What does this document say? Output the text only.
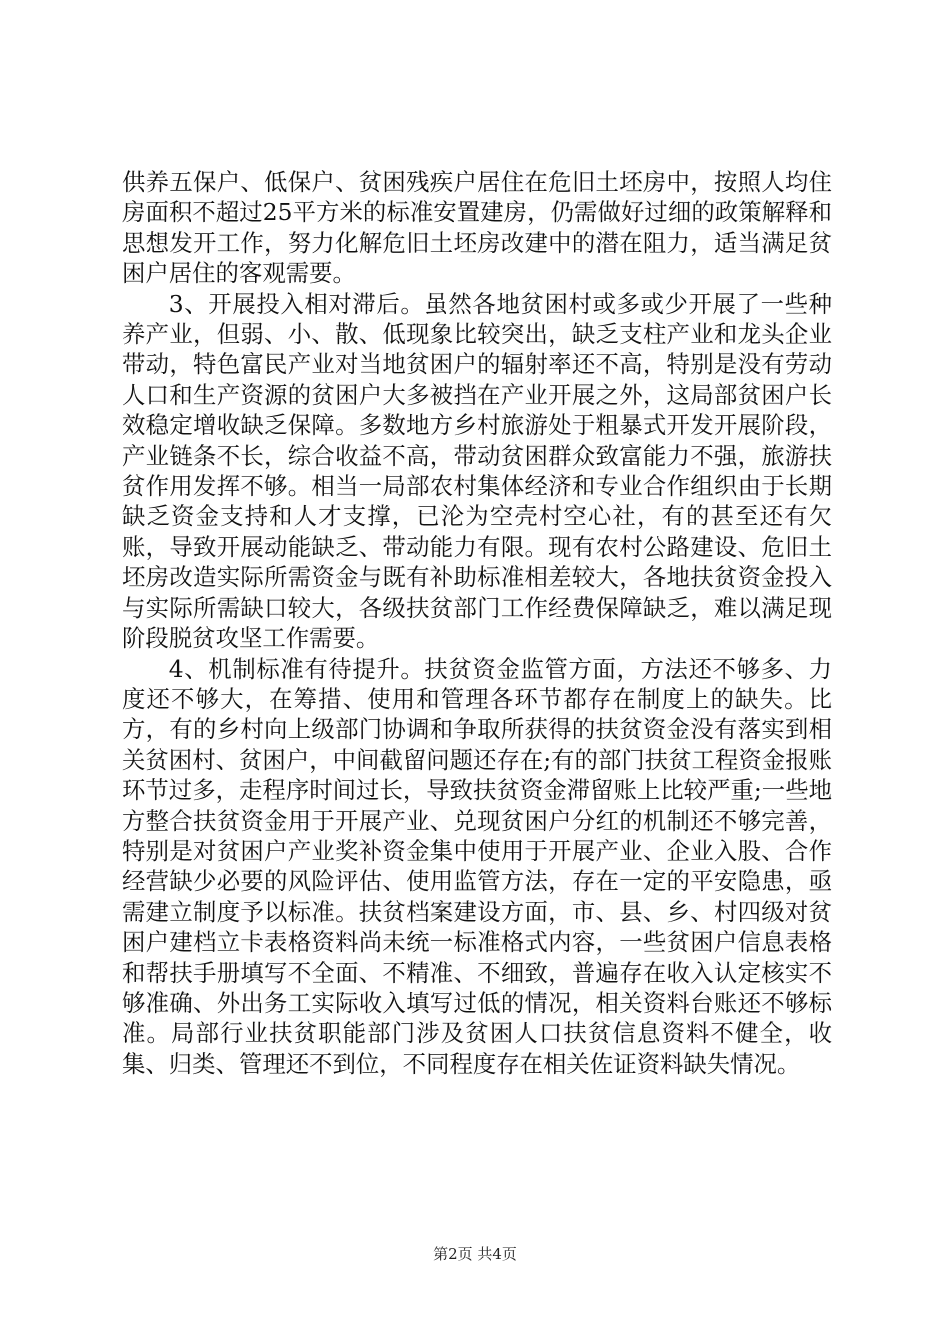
供养五保户、低保户、贫困残疾户居住在危旧土坯房中，按照人均住房面积不超过25平方米的标准安置建房，仍需做好过细的政策解释和思想发开工作，努力化解危旧土坯房改建中的潜在阻力，适当满足贫困户居住的客观需要。

3、开展投入相对滞后。虽然各地贫困村或多或少开展了一些种养产业，但弱、小、散、低现象比较突出，缺乏支柱产业和龙头企业带动，特色富民产业对当地贫困户的辐射率还不高，特别是没有劳动人口和生产资源的贫困户大多被挡在产业开展之外，这局部贫困户长效稳定增收缺乏保障。多数地方乡村旅游处于粗暴式开发开展阶段，产业链条不长，综合收益不高，带动贫困群众致富能力不强，旅游扶贫作用发挥不够。相当一局部农村集体经济和专业合作组织由于长期缺乏资金支持和人才支撑，已沦为空壳村空心社，有的甚至还有欠账，导致开展动能缺乏、带动能力有限。现有农村公路建设、危旧土坯房改造实际所需资金与既有补助标准相差较大，各地扶贫资金投入与实际所需缺口较大，各级扶贫部门工作经费保障缺乏，难以满足现阶段脱贫攻坚工作需要。

4、机制标准有待提升。扶贫资金监管方面，方法还不够多、力度还不够大，在筹措、使用和管理各环节都存在制度上的缺失。比方，有的乡村向上级部门协调和争取所获得的扶贫资金没有落实到相关贫困村、贫困户，中间截留问题还存在;有的部门扶贫工程资金报账环节过多，走程序时间过长，导致扶贫资金滞留账上比较严重;一些地方整合扶贫资金用于开展产业、兑现贫困户分红的机制还不够完善，特别是对贫困户产业奖补资金集中使用于开展产业、企业入股、合作经营缺少必要的风险评估、使用监管方法，存在一定的平安隐患，亟需建立制度予以标准。扶贫档案建设方面，市、县、乡、村四级对贫困户建档立卡表格资料尚未统一标准格式内容，一些贫困户信息表格和帮扶手册填写不全面、不精准、不细致，普遍存在收入认定核实不够准确、外出务工实际收入填写过低的情况，相关资料台账还不够标准。局部行业扶贫职能部门涉及贫困人口扶贫信息资料不健全，收集、归类、管理还不到位，不同程度存在相关佐证资料缺失情况。

第2页 共4页
